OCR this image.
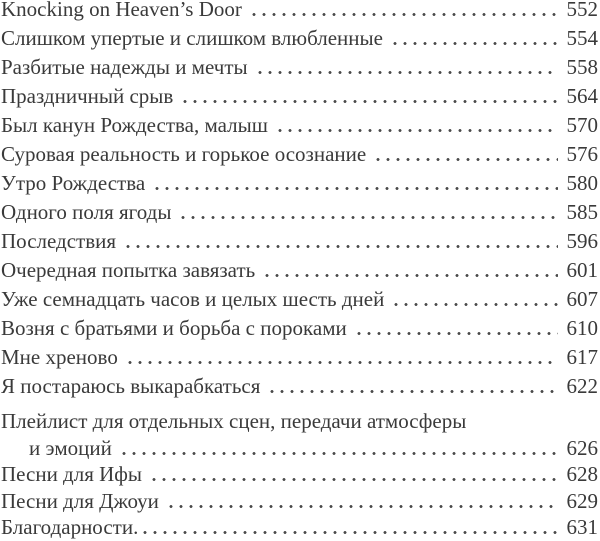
Knocking on Heaven’s Door	552
Слишком упертые и слишком влюбленные	554
Разбитые надежды и мечты	558
Праздничный срыв	564
Был канун Рождества, малыш	570
Суровая реальность и горькое осознание	576
Утро Рождества	580
Одного поля ягоды	585
Последствия	596
Очередная попытка завязать	601
Уже семнадцать часов и целых шесть дней	607
Возня с братьями и борьба с пороками	610
Мне хреново	617
Я постараюсь выкарабкаться	622
Плейлист для отдельных сцен, передачи атмосферы
и эмоций	626
Песни для Ифы	628
Песни для Джоуи	629
Благодарности.	631
